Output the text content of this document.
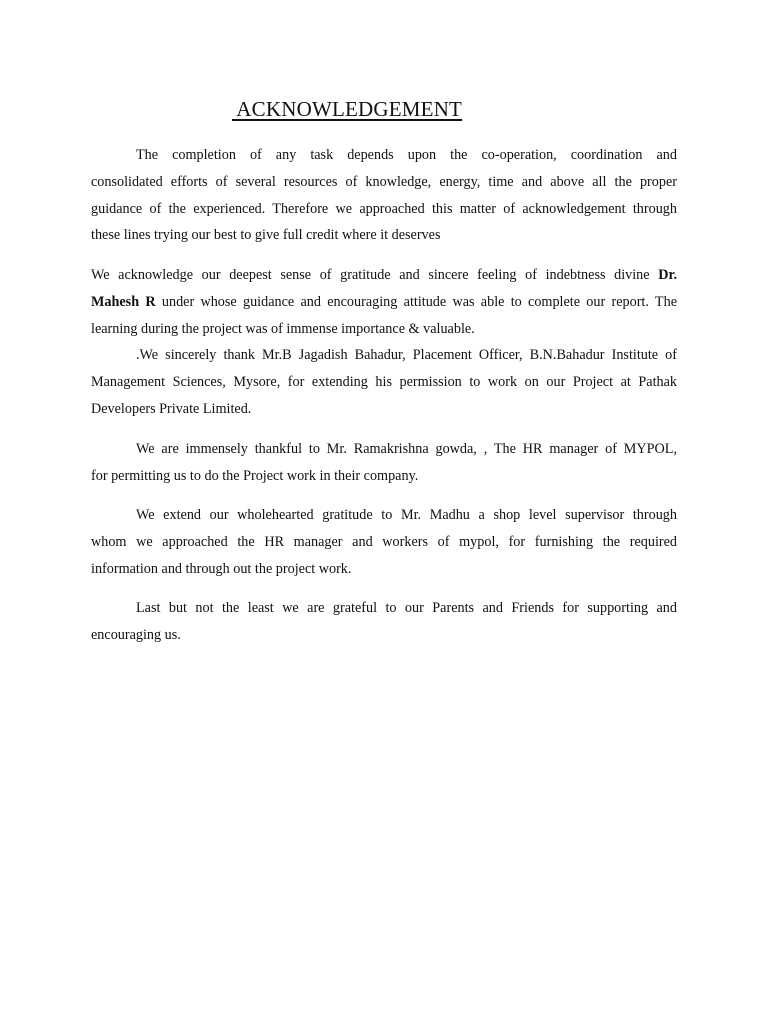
ACKNOWLEDGEMENT
The completion of any task depends upon the co-operation, coordination and
consolidated efforts of several resources of knowledge, energy, time and above all the proper
guidance of the experienced. Therefore we approached this matter of acknowledgement through
these lines trying our best to give full credit where it deserves
We acknowledge our deepest sense of gratitude and sincere feeling of indebtness divine Dr.
Mahesh R under whose guidance and encouraging attitude was able to complete our report. The
learning during the project was of immense importance & valuable.
.We sincerely thank Mr.B Jagadish Bahadur, Placement Officer, B.N.Bahadur Institute of
Management Sciences, Mysore, for extending his permission to work on our Project at Pathak
Developers Private Limited.
We are immensely thankful to Mr. Ramakrishna gowda, , The HR manager of MYPOL,
for permitting us to do the Project work in their company.
We extend our wholehearted gratitude to Mr. Madhu a shop level supervisor through
whom we approached the HR manager and workers of mypol, for furnishing the required
information and through out the project work.
Last but not the least we are grateful to our Parents and Friends for supporting and
encouraging us.
